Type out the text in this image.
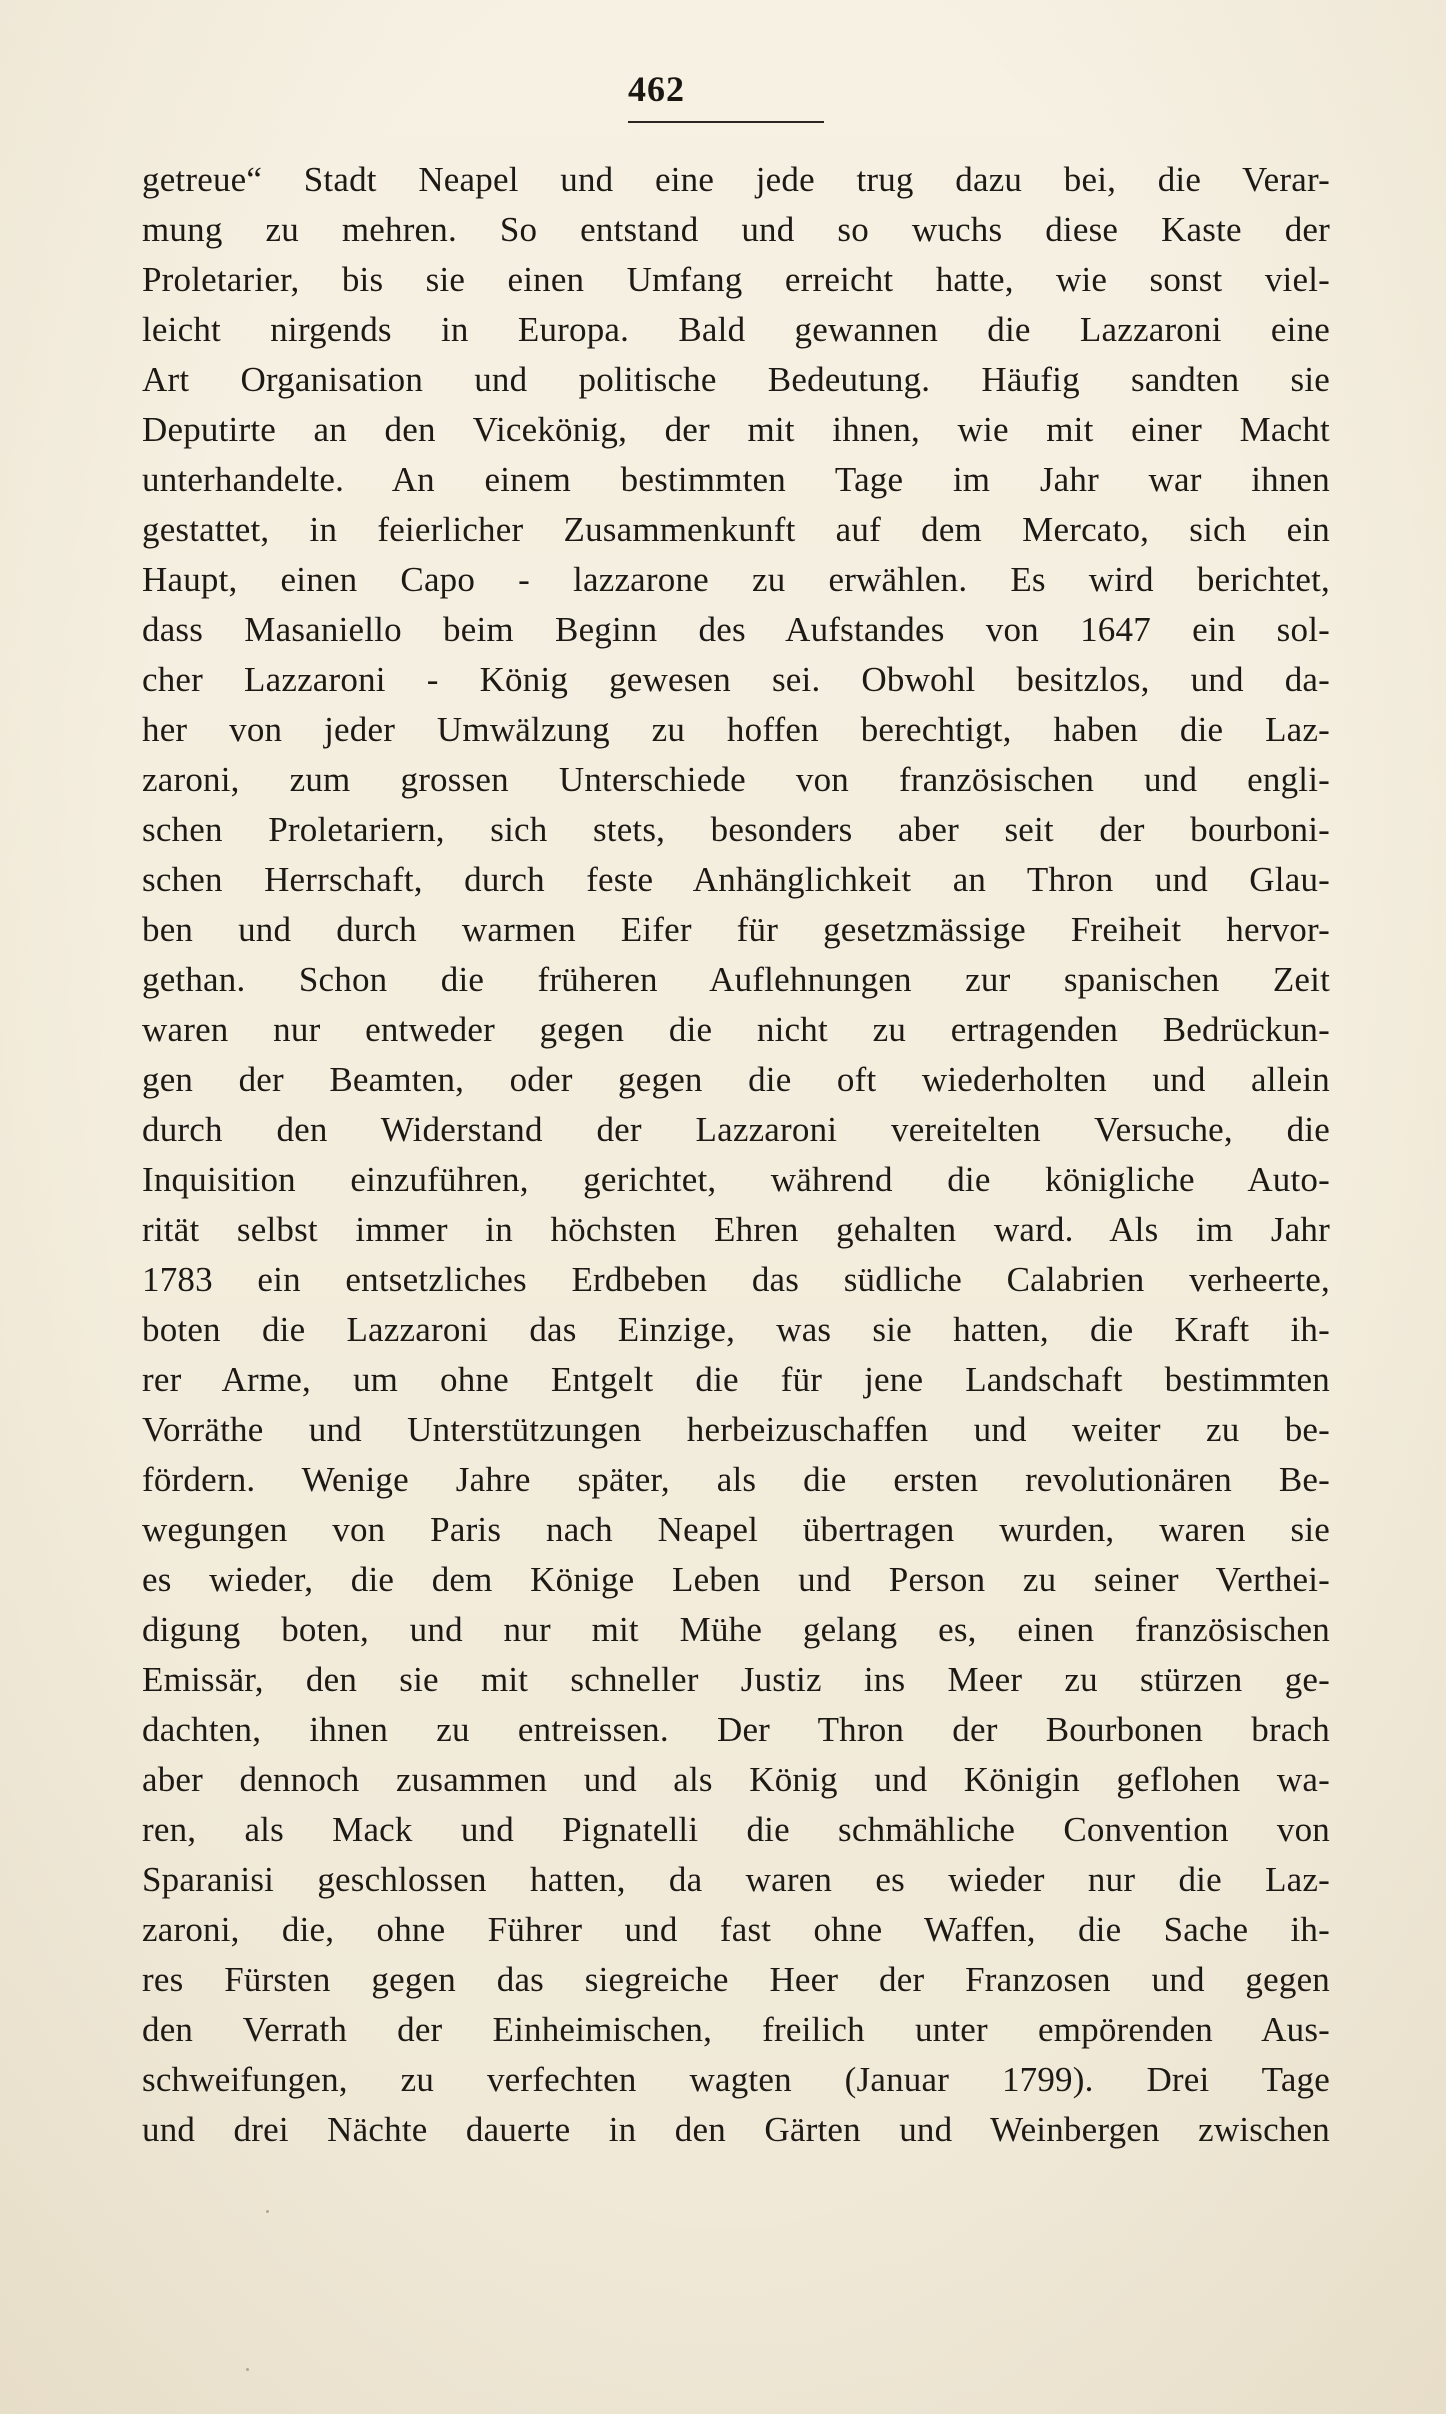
462
getreue“ Stadt Neapel und eine jede trug dazu bei, die Verar-
mung zu mehren. So entstand und so wuchs diese Kaste der
Proletarier, bis sie einen Umfang erreicht hatte, wie sonst viel-
leicht nirgends in Europa. Bald gewannen die Lazzaroni eine
Art Organisation und politische Bedeutung. Häufig sandten sie
Deputirte an den Vicekönig, der mit ihnen, wie mit einer Macht
unterhandelte. An einem bestimmten Tage im Jahr war ihnen
gestattet, in feierlicher Zusammenkunft auf dem Mercato, sich ein
Haupt, einen Capo - lazzarone zu erwählen. Es wird berichtet,
dass Masaniello beim Beginn des Aufstandes von 1647 ein sol-
cher Lazzaroni - König gewesen sei. Obwohl besitzlos, und da-
her von jeder Umwälzung zu hoffen berechtigt, haben die Laz-
zaroni, zum grossen Unterschiede von französischen und engli-
schen Proletariern, sich stets, besonders aber seit der bourboni-
schen Herrschaft, durch feste Anhänglichkeit an Thron und Glau-
ben und durch warmen Eifer für gesetzmässige Freiheit hervor-
gethan. Schon die früheren Auflehnungen zur spanischen Zeit
waren nur entweder gegen die nicht zu ertragenden Bedrückun-
gen der Beamten, oder gegen die oft wiederholten und allein
durch den Widerstand der Lazzaroni vereitelten Versuche, die
Inquisition einzuführen, gerichtet, während die königliche Auto-
rität selbst immer in höchsten Ehren gehalten ward. Als im Jahr
1783 ein entsetzliches Erdbeben das südliche Calabrien verheerte,
boten die Lazzaroni das Einzige, was sie hatten, die Kraft ih-
rer Arme, um ohne Entgelt die für jene Landschaft bestimmten
Vorräthe und Unterstützungen herbeizuschaffen und weiter zu be-
fördern. Wenige Jahre später, als die ersten revolutionären Be-
wegungen von Paris nach Neapel übertragen wurden, waren sie
es wieder, die dem Könige Leben und Person zu seiner Verthei-
digung boten, und nur mit Mühe gelang es, einen französischen
Emissär, den sie mit schneller Justiz ins Meer zu stürzen ge-
dachten, ihnen zu entreissen. Der Thron der Bourbonen brach
aber dennoch zusammen und als König und Königin geflohen wa-
ren, als Mack und Pignatelli die schmähliche Convention von
Sparanisi geschlossen hatten, da waren es wieder nur die Laz-
zaroni, die, ohne Führer und fast ohne Waffen, die Sache ih-
res Fürsten gegen das siegreiche Heer der Franzosen und gegen
den Verrath der Einheimischen, freilich unter empörenden Aus-
schweifungen, zu verfechten wagten (Januar 1799). Drei Tage
und drei Nächte dauerte in den Gärten und Weinbergen zwischen
